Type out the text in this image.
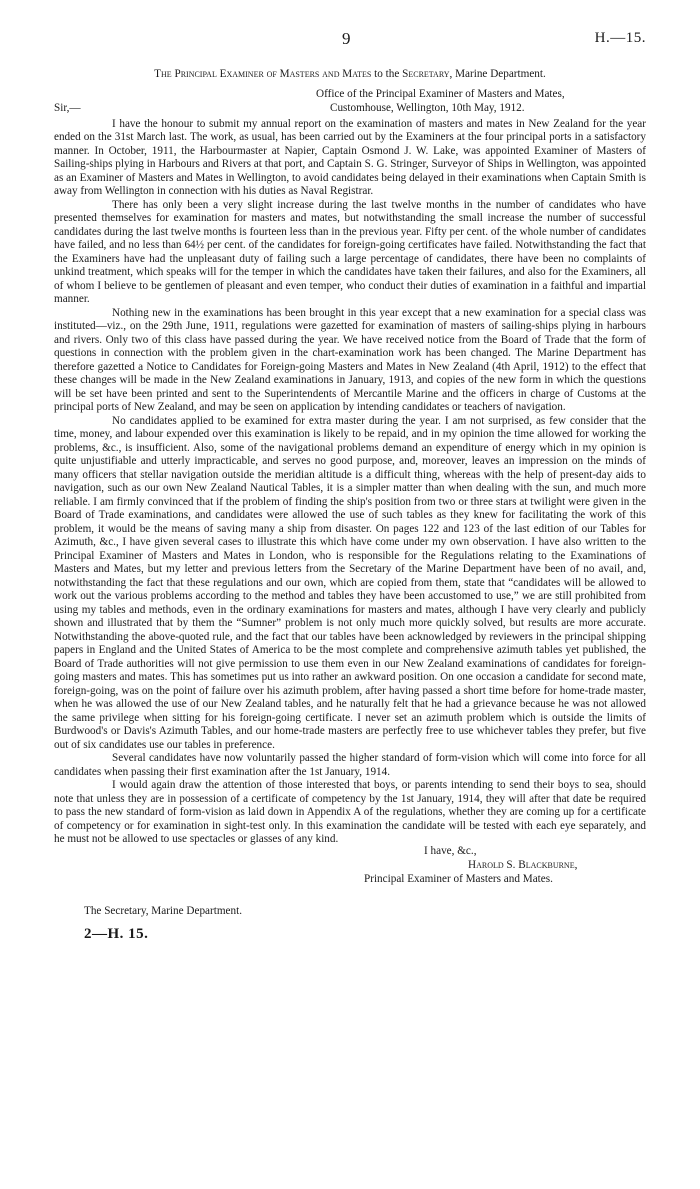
9	H.—15.
The Principal Examiner of Masters and Mates to the Secretary, Marine Department.
Office of the Principal Examiner of Masters and Mates,
Sir,—	Customhouse, Wellington, 10th May, 1912.

I have the honour to submit my annual report on the examination of masters and mates in New Zealand for the year ended on the 31st March last. The work, as usual, has been carried out by the Examiners at the four principal ports in a satisfactory manner. In October, 1911, the Harbourmaster at Napier, Captain Osmond J. W. Lake, was appointed Examiner of Masters of Sailing-ships plying in Harbours and Rivers at that port, and Captain S. G. Stringer, Surveyor of Ships in Wellington, was appointed as an Examiner of Masters and Mates in Wellington, to avoid candidates being delayed in their examinations when Captain Smith is away from Wellington in connection with his duties as Naval Registrar.

There has only been a very slight increase during the last twelve months in the number of candidates who have presented themselves for examination for masters and mates, but notwithstanding the small increase the number of successful candidates during the last twelve months is fourteen less than in the previous year. Fifty per cent. of the whole number of candidates have failed, and no less than 64½ per cent. of the candidates for foreign-going certificates have failed. Notwithstanding the fact that the Examiners have had the unpleasant duty of failing such a large percentage of candidates, there have been no complaints of unkind treatment, which speaks will for the temper in which the candidates have taken their failures, and also for the Examiners, all of whom I believe to be gentlemen of pleasant and even temper, who conduct their duties of examination in a faithful and impartial manner.

Nothing new in the examinations has been brought in this year except that a new examination for a special class was instituted—viz., on the 29th June, 1911, regulations were gazetted for examination of masters of sailing-ships plying in harbours and rivers. Only two of this class have passed during the year. We have received notice from the Board of Trade that the form of questions in connection with the problem given in the chart-examination work has been changed. The Marine Department has therefore gazetted a Notice to Candidates for Foreign-going Masters and Mates in New Zealand (4th April, 1912) to the effect that these changes will be made in the New Zealand examinations in January, 1913, and copies of the new form in which the questions will be set have been printed and sent to the Superintendents of Mercantile Marine and the officers in charge of Customs at the principal ports of New Zealand, and may be seen on application by intending candidates or teachers of navigation.

No candidates applied to be examined for extra master during the year. I am not surprised, as few consider that the time, money, and labour expended over this examination is likely to be repaid, and in my opinion the time allowed for working the problems, &c., is insufficient. Also, some of the navigational problems demand an expenditure of energy which in my opinion is quite unjustifiable and utterly impracticable, and serves no good purpose, and, moreover, leaves an impression on the minds of many officers that stellar navigation outside the meridian altitude is a difficult thing, whereas with the help of present-day aids to navigation, such as our own New Zealand Nautical Tables, it is a simpler matter than when dealing with the sun, and much more reliable. I am firmly convinced that if the problem of finding the ship's position from two or three stars at twilight were given in the Board of Trade examinations, and candidates were allowed the use of such tables as they knew for facilitating the work of this problem, it would be the means of saving many a ship from disaster. On pages 122 and 123 of the last edition of our Tables for Azimuth, &c., I have given several cases to illustrate this which have come under my own observation. I have also written to the Principal Examiner of Masters and Mates in London, who is responsible for the Regulations relating to the Examinations of Masters and Mates, but my letter and previous letters from the Secretary of the Marine Department have been of no avail, and, notwithstanding the fact that these regulations and our own, which are copied from them, state that “candidates will be allowed to work out the various problems according to the method and tables they have been accustomed to use,” we are still prohibited from using my tables and methods, even in the ordinary examinations for masters and mates, although I have very clearly and publicly shown and illustrated that by them the “Sumner” problem is not only much more quickly solved, but results are more accurate. Notwithstanding the above-quoted rule, and the fact that our tables have been acknowledged by reviewers in the principal shipping papers in England and the United States of America to be the most complete and comprehensive azimuth tables yet published, the Board of Trade authorities will not give permission to use them even in our New Zealand examinations of candidates for foreign-going masters and mates. This has sometimes put us into rather an awkward position. On one occasion a candidate for second mate, foreign-going, was on the point of failure over his azimuth problem, after having passed a short time before for home-trade master, when he was allowed the use of our New Zealand tables, and he naturally felt that he had a grievance because he was not allowed the same privilege when sitting for his foreign-going certificate. I never set an azimuth problem which is outside the limits of Burdwood's or Davis's Azimuth Tables, and our home-trade masters are perfectly free to use whichever tables they prefer, but five out of six candidates use our tables in preference.

Several candidates have now voluntarily passed the higher standard of form-vision which will come into force for all candidates when passing their first examination after the 1st January, 1914.

I would again draw the attention of those interested that boys, or parents intending to send their boys to sea, should note that unless they are in possession of a certificate of competency by the 1st January, 1914, they will after that date be required to pass the new standard of form-vision as laid down in Appendix A of the regulations, whether they are coming up for a certificate of competency or for examination in sight-test only. In this examination the candidate will be tested with each eye separately, and he must not be allowed to use spectacles or glasses of any kind.

I have, &c.,
Harold S. Blackburne,
Principal Examiner of Masters and Mates.
The Secretary, Marine Department.
2—H. 15.
